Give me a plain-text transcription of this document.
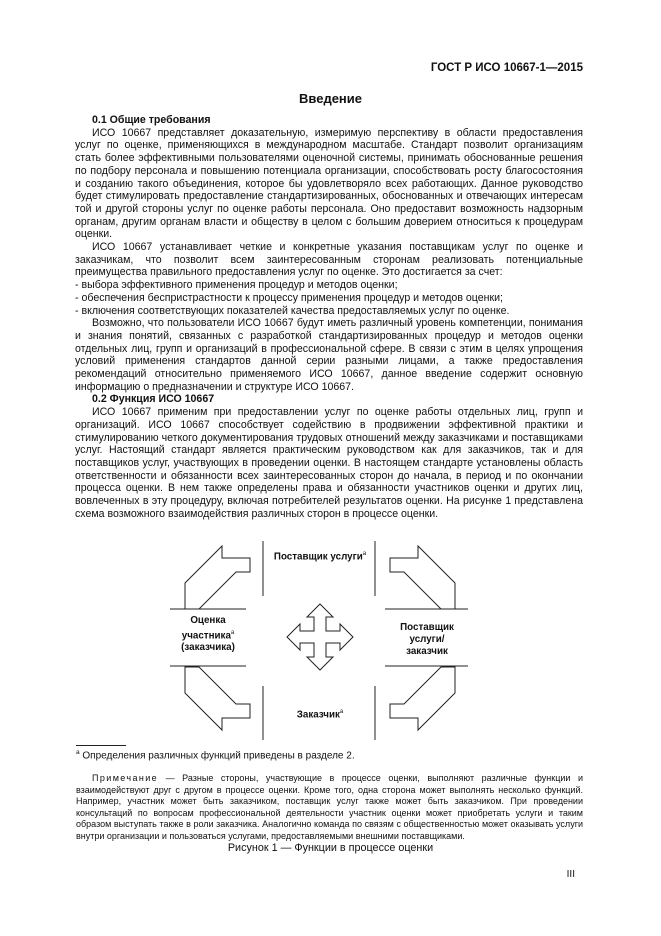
ГОСТ Р ИСО 10667-1—2015
Введение
0.1 Общие требования

ИСО 10667 представляет доказательную, измеримую перспективу в области предоставления услуг по оценке, применяющихся в международном масштабе. Стандарт позволит организациям стать более эффективными пользователями оценочной системы, принимать обоснованные решения по подбору персонала и повышению потенциала организации, способствовать росту благосостояния и созданию такого объединения, которое бы удовлетворяло всех работающих. Данное руководство будет стимулировать предоставление стандартизированных, обоснованных и отвечающих интересам той и другой стороны услуг по оценке работы персонала. Оно предоставит возможность надзорным органам, другим органам власти и обществу в целом с большим доверием относиться к процедурам оценки.

ИСО 10667 устанавливает четкие и конкретные указания поставщикам услуг по оценке и заказчикам, что позволит всем заинтересованным сторонам реализовать потенциальные преимущества правильного предоставления услуг по оценке. Это достигается за счет:

- выбора эффективного применения процедур и методов оценки;

- обеспечения беспристрастности к процессу применения процедур и методов оценки;

- включения соответствующих показателей качества предоставляемых услуг по оценке.

Возможно, что пользователи ИСО 10667 будут иметь различный уровень компетенции, понимания и знания понятий, связанных с разработкой стандартизированных процедур и методов оценки отдельных лиц, групп и организаций в профессиональной сфере. В связи с этим в целях упрощения условий применения стандартов данной серии разными лицами, а также предоставления рекомендаций относительно применяемого ИСО 10667, данное введение содержит основную информацию о предназначении и структуре ИСО 10667.

0.2 Функция ИСО 10667

ИСО 10667 применим при предоставлении услуг по оценке работы отдельных лиц, групп и организаций. ИСО 10667 способствует содействию в продвижении эффективной практики и стимулированию четкого документирования трудовых отношений между заказчиками и поставщиками услуг. Настоящий стандарт является практическим руководством как для заказчиков, так и для поставщиков услуг, участвующих в проведении оценки. В настоящем стандарте установлены область ответственности и обязанности всех заинтересованных сторон до начала, в период и по окончании процесса оценки. В нем также определены права и обязанности участников оценки и других лиц, вовлеченных в эту процедуру, включая потребителей результатов оценки. На рисунке 1 представлена схема возможного взаимодействия различных сторон в процессе оценки.

Поставщик услуги$^а$
Оценка
участника$^а$
(заказчика)
Поставщик услуги/
заказчик
Заказчик$^а$
$^а$ Определения различных функций приведены в разделе 2.
Примечание — Разные стороны, участвующие в процессе оценки, выполняют различные функции и взаимодействуют друг с другом в процессе оценки. Кроме того, одна сторона может выполнять несколько функций. Например, участник может быть заказчиком, поставщик услуг также может быть заказчиком. При проведении консультаций по вопросам профессиональной деятельности участник оценки может приобретать услуги и таким образом выступать также в роли заказчика. Аналогично команда по связям с общественностью может оказывать услуги внутри организации и пользоваться услугами, предоставляемыми внешними поставщиками.
Рисунок 1 — Функции в процессе оценки
III
